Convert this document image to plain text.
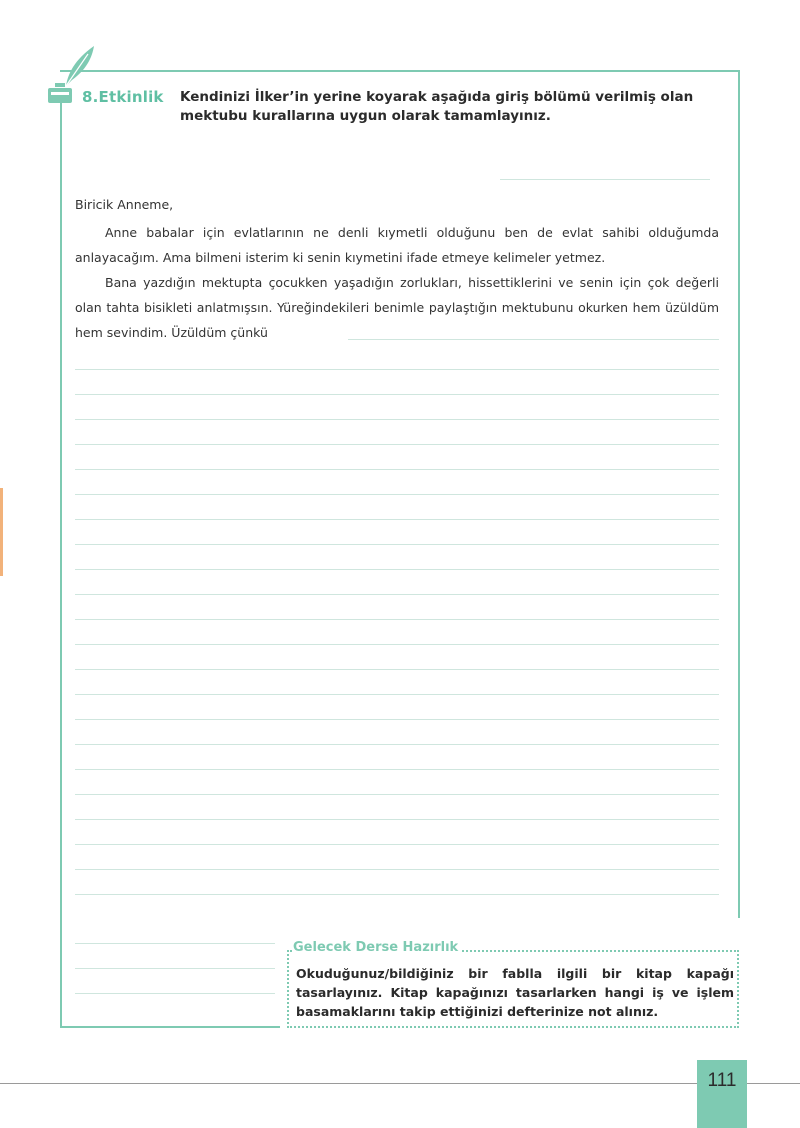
8.Etkinlik Kendinizi İlker’in yerine koyarak aşağıda giriş bölümü verilmiş olan mektubu kurallarına uygun olarak tamamlayınız.
Biricik Anneme,
Anne babalar için evlatlarının ne denli kıymetli olduğunu ben de evlat sahibi olduğumda anlayacağım. Ama bilmeni isterim ki senin kıymetini ifade etmeye kelimeler yetmez.
Bana yazdığın mektupta çocukken yaşadığın zorlukları, hissettiklerini ve senin için çok değerli olan tahta bisikleti anlatmışsın. Yüreğindekileri benimle paylaştığın mektubunu okurken hem üzüldüm hem sevindim. Üzüldüm çünkü
Gelecek Derse Hazırlık
Okuduğunuz/bildiğiniz bir fablla ilgili bir kitap kapağı tasarlayınız. Kitap kapağınızı tasarlarken hangi iş ve işlem basamaklarını takip ettiğinizi defterinize not alınız.
111
